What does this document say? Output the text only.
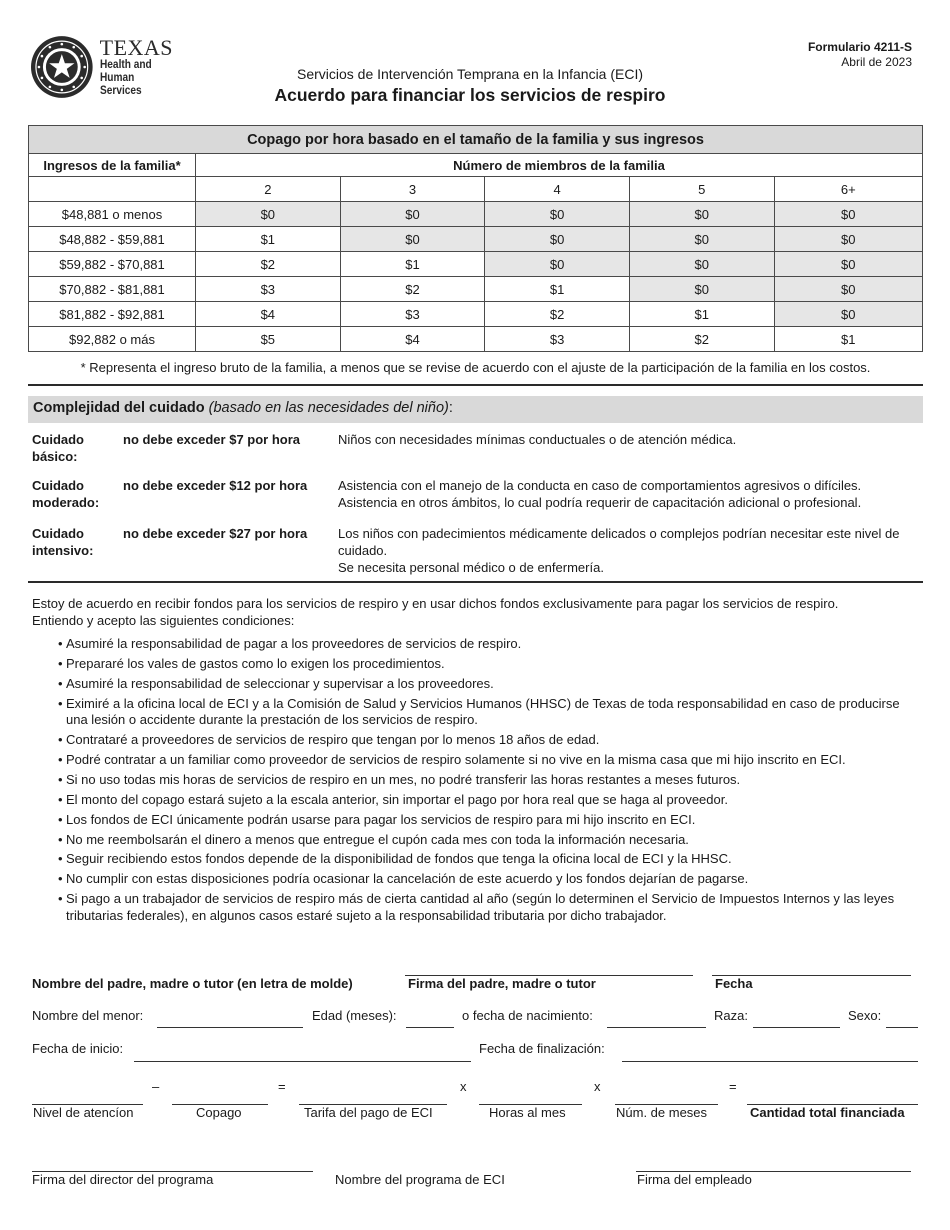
TEXAS
Health and Human
Services
Servicios de Intervención Temprana en la Infancia (ECI)
Acuerdo para financiar los servicios de respiro
Formulario 4211-S
Abril de 2023
Copago por hora basado en el tamaño de la familia y sus ingresos					
Ingresos de la familia*	Número de miembros de la familia				
	2	3	4	5	6+
$48,881 o menos	$0	$0	$0	$0	$0
$48,882 - $59,881	$1	$0	$0	$0	$0
$59,882 - $70,881	$2	$1	$0	$0	$0
$70,882 - $81,881	$3	$2	$1	$0	$0
$81,882 - $92,881	$4	$3	$2	$1	$0
$92,882 o más	$5	$4	$3	$2	$1
* Representa el ingreso bruto de la familia, a menos que se revise de acuerdo con el ajuste de la participación de la familia en los costos.
Complejidad del cuidado (basado en las necesidades del niño):
Cuidado básico:
no debe exceder $7 por hora	Niños con necesidades mínimas conductuales o de atención médica.
Cuidado moderado:
no debe exceder $12 por hora	Asistencia con el manejo de la conducta en caso de comportamientos agresivos o difíciles.
Asistencia en otros ámbitos, lo cual podría requerir de capacitación adicional o profesional.
Cuidado intensivo:
no debe exceder $27 por hora	Los niños con padecimientos médicamente delicados o complejos podrían necesitar este nivel de cuidado.
Se necesita personal médico o de enfermería.
Estoy de acuerdo en recibir fondos para los servicios de respiro y en usar dichos fondos exclusivamente para pagar los servicios de respiro. Entiendo y acepto las siguientes condiciones:
• Asumiré la responsabilidad de pagar a los proveedores de servicios de respiro.
• Prepararé los vales de gastos como lo exigen los procedimientos.
• Asumiré la responsabilidad de seleccionar y supervisar a los proveedores.
• Eximiré a la oficina local de ECI y a la Comisión de Salud y Servicios Humanos (HHSC) de Texas de toda responsabilidad en caso de producirse una lesión o accidente durante la prestación de los servicios de respiro.
• Contrataré a proveedores de servicios de respiro que tengan por lo menos 18 años de edad.
• Podré contratar a un familiar como proveedor de servicios de respiro solamente si no vive en la misma casa que mi hijo inscrito en ECI.
• Si no uso todas mis horas de servicios de respiro en un mes, no podré transferir las horas restantes a meses futuros.
• El monto del copago estará sujeto a la escala anterior, sin importar el pago por hora real que se haga al proveedor.
• Los fondos de ECI únicamente podrán usarse para pagar los servicios de respiro para mi hijo inscrito en ECI.
• No me reembolsarán el dinero a menos que entregue el cupón cada mes con toda la información necesaria.
• Seguir recibiendo estos fondos depende de la disponibilidad de fondos que tenga la oficina local de ECI y la HHSC.
• No cumplir con estas disposiciones podría ocasionar la cancelación de este acuerdo y los fondos dejarían de pagarse.
• Si pago a un trabajador de servicios de respiro más de cierta cantidad al año (según lo determinen el Servicio de Impuestos Internos y las leyes tributarias federales), en algunos casos estaré sujeto a la responsabilidad tributaria por dicho trabajador.
Nombre del padre, madre o tutor (en letra de molde)	Firma del padre, madre o tutor	Fecha
Nombre del menor:	Edad (meses):	o fecha de nacimiento:	Raza:	Sexo:
Fecha de inicio:	Fecha de finalización:
–	=	x	x	=
Nivel de atencíon	Copago	Tarifa del pago de ECI	Horas al mes	Núm. de meses	Cantidad total financiada
Firma del director del programa	Nombre del programa de ECI	Firma del empleado
